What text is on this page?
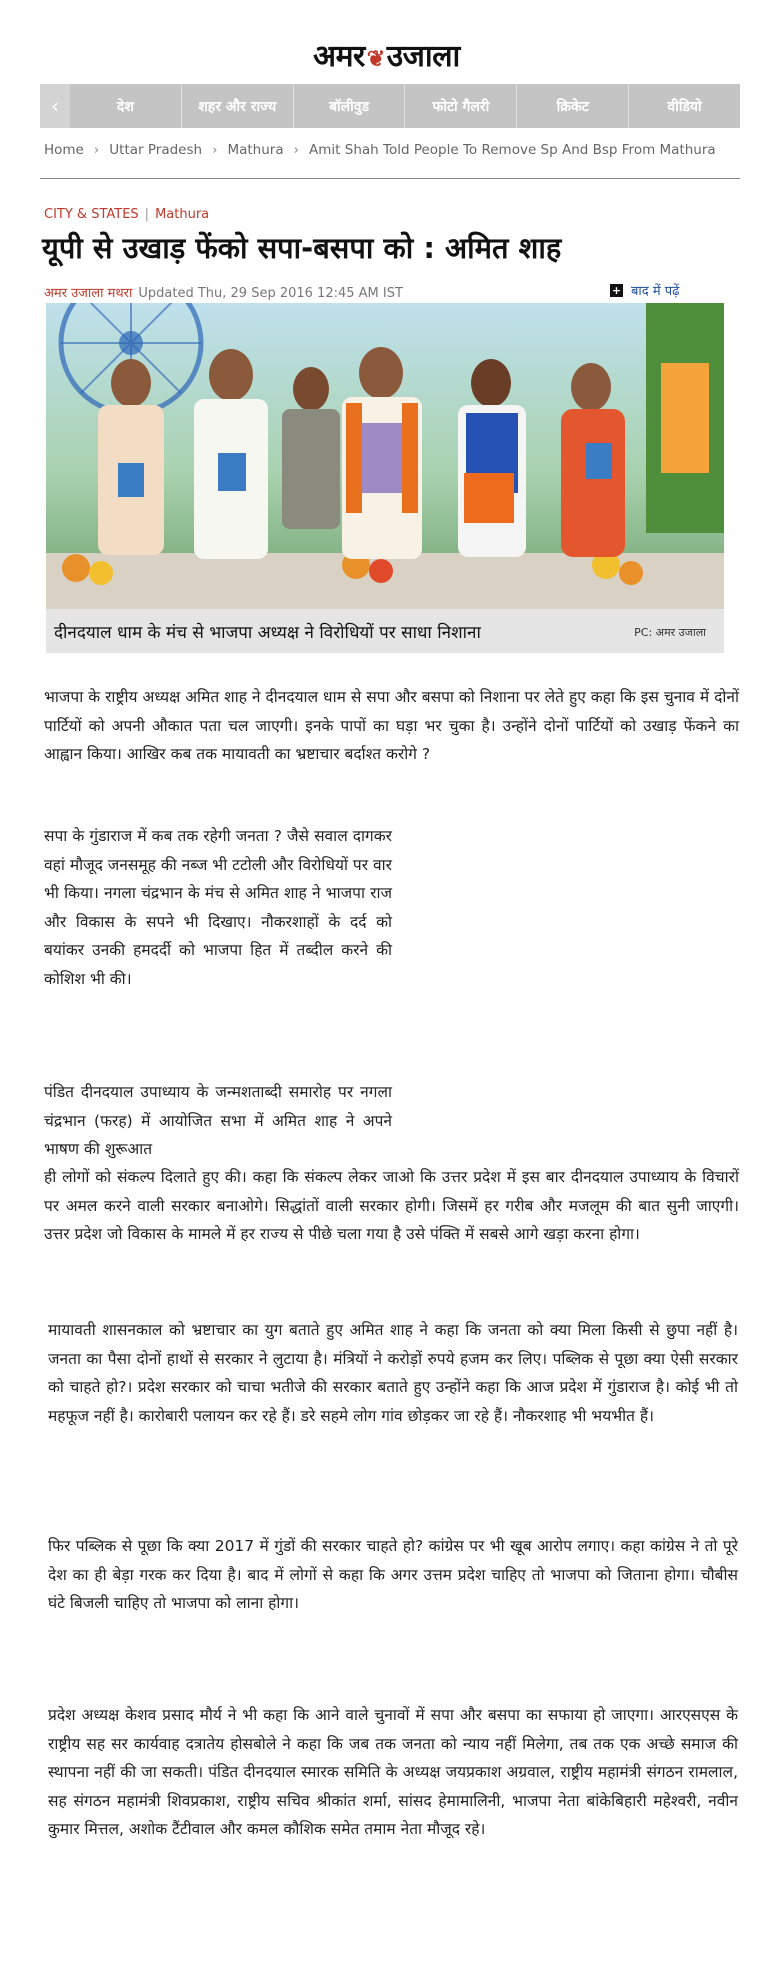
अमर❦उजाला
‹	देश	शहर और राज्य	बॉलीवुड	फोटो गैलरी	क्रिकेट	वीडियो
Home › Uttar Pradesh › Mathura › Amit Shah Told People To Remove Sp And Bsp From Mathura
CITY & STATES | Mathura
यूपी से उखाड़ फेंको सपा-बसपा को : अमित शाह
अमर उजाला मथरा Updated Thu, 29 Sep 2016 12:45 AM IST	+ बाद में पढ़ें
दीनदयाल धाम के मंच से भाजपा अध्यक्ष ने विरोधियों पर साधा निशाना	PC: अमर उजाला

भाजपा के राष्ट्रीय अध्यक्ष अमित शाह ने दीनदयाल धाम से सपा और बसपा को निशाना पर लेते हुए कहा कि इस चुनाव में दोनों पार्टियों को अपनी औकात पता चल जाएगी। इनके पापों का घड़ा भर चुका है। उन्होंने दोनों पार्टियों को उखाड़ फेंकने का आह्वान किया। आखिर कब तक मायावती का भ्रष्टाचार बर्दाश्त करोगे ?

सपा के गुंडाराज में कब तक रहेगी जनता ? जैसे सवाल दागकर वहां मौजूद जनसमूह की नब्ज भी टटोली और विरोधियों पर वार भी किया। नगला चंद्रभान के मंच से अमित शाह ने भाजपा राज और विकास के सपने भी दिखाए। नौकरशाहों के दर्द को बयांकर उनकी हमदर्दी को भाजपा हित में तब्दील करने की कोशिश भी की।

पंडित दीनदयाल उपाध्याय के जन्मशताब्दी समारोह पर नगला चंद्रभान (फरह) में आयोजित सभा में अमित शाह ने अपने भाषण की शुरूआत

ही लोगों को संकल्प दिलाते हुए की। कहा कि संकल्प लेकर जाओ कि उत्तर प्रदेश में इस बार दीनदयाल उपाध्याय के विचारों पर अमल करने वाली सरकार बनाओगे। सिद्धांतों वाली सरकार होगी। जिसमें हर गरीब और मजलूम की बात सुनी जाएगी। उत्तर प्रदेश जो विकास के मामले में हर राज्य से पीछे चला गया है उसे पंक्ति में सबसे आगे खड़ा करना होगा।

मायावती शासनकाल को भ्रष्टाचार का युग बताते हुए अमित शाह ने कहा कि जनता को क्या मिला किसी से छुपा नहीं है। जनता का पैसा दोनों हाथों से सरकार ने लुटाया है। मंत्रियों ने करोड़ों रुपये हजम कर लिए। पब्लिक से पूछा क्या ऐसी सरकार को चाहते हो?। प्रदेश सरकार को चाचा भतीजे की सरकार बताते हुए उन्होंने कहा कि आज प्रदेश में गुंडाराज है। कोई भी तो महफूज नहीं है। कारोबारी पलायन कर रहे हैं। डरे सहमे लोग गांव छोड़कर जा रहे हैं। नौकरशाह भी भयभीत हैं।

फिर पब्लिक से पूछा कि क्या 2017 में गुंडों की सरकार चाहते हो? कांग्रेस पर भी खूब आरोप लगाए। कहा कांग्रेस ने तो पूरे देश का ही बेड़ा गरक कर दिया है। बाद में लोगों से कहा कि अगर उत्तम प्रदेश चाहिए तो भाजपा को जिताना होगा। चौबीस घंटे बिजली चाहिए तो भाजपा को लाना होगा।

प्रदेश अध्यक्ष केशव प्रसाद मौर्य ने भी कहा कि आने वाले चुनावों में सपा और बसपा का सफाया हो जाएगा। आरएसएस के राष्ट्रीय सह सर कार्यवाह दत्रातेय होसबोले ने कहा कि जब तक जनता को न्याय नहीं मिलेगा, तब तक एक अच्छे समाज की स्थापना नहीं की जा सकती। पंडित दीनदयाल स्मारक समिति के अध्यक्ष जयप्रकाश अग्रवाल, राष्ट्रीय महामंत्री संगठन रामलाल, सह संगठन महामंत्री शिवप्रकाश, राष्ट्रीय सचिव श्रीकांत शर्मा, सांसद हेमामालिनी, भाजपा नेता बांकेबिहारी महेश्वरी, नवीन कुमार मित्तल, अशोक टैंटीवाल और कमल कौशिक समेत तमाम नेता मौजूद रहे।
